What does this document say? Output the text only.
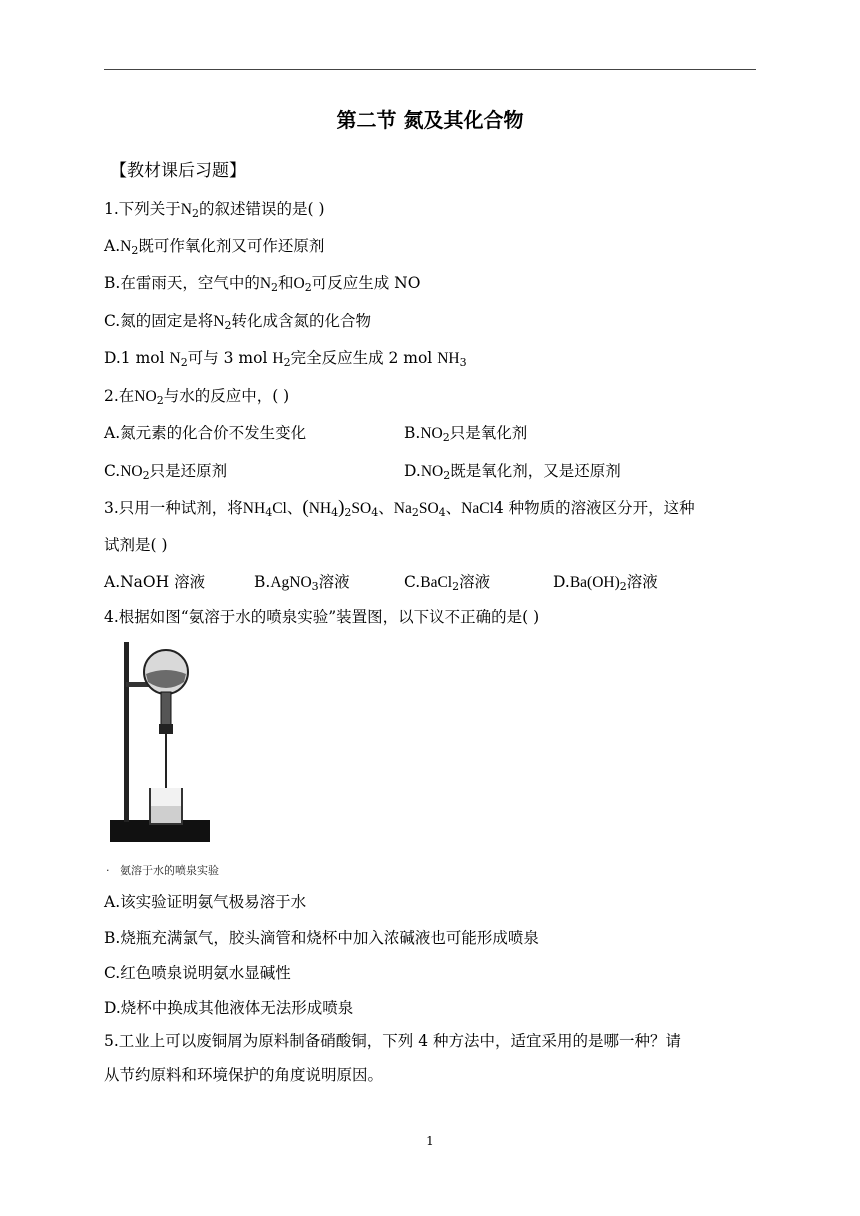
第二节 氮及其化合物
【教材课后习题】
1.下列关于$N_2$的叙述错误的是( )
$A.N_2$既可作氧化剂又可作还原剂
B.在雷雨天，空气中的$N_2$和$O_2$可反应生成 NO
C.氮的固定是将$N_2$转化成含氮的化合物
D.1 mol $N_2$可与 3 mol $H_2$完全反应生成 2 mol $NH_3$
2.在$NO_2$与水的反应中，( )
A.氮元素的化合价不发生变化	$B.NO_2$只是氧化剂
$C.NO_2$只是还原剂	$D.NO_2$既是氧化剂，又是还原剂
3.只用一种试剂，将$NH_4Cl$、$(NH_4)_2SO_4$、$Na_2SO_4$、NaCl4 种物质的溶液区分开，这种
试剂是( )
A.NaOH 溶液	B.AgNO$_3$溶液	C.BaCl$_2$溶液	$D.Ba(OH)_2$溶液
4.根据如图“氨溶于水的喷泉实验”装置图，以下议不正确的是( )
· 氨溶于水的喷泉实验
A.该实验证明氨气极易溶于水
B.烧瓶充满氯气，胶头滴管和烧杯中加入浓碱液也可能形成喷泉
C.红色喷泉说明氨水显碱性
D.烧杯中换成其他液体无法形成喷泉
5.工业上可以废铜屑为原料制备硝酸铜，下列 4 种方法中，适宜采用的是哪一种？请
从节约原料和环境保护的角度说明原因。
1
